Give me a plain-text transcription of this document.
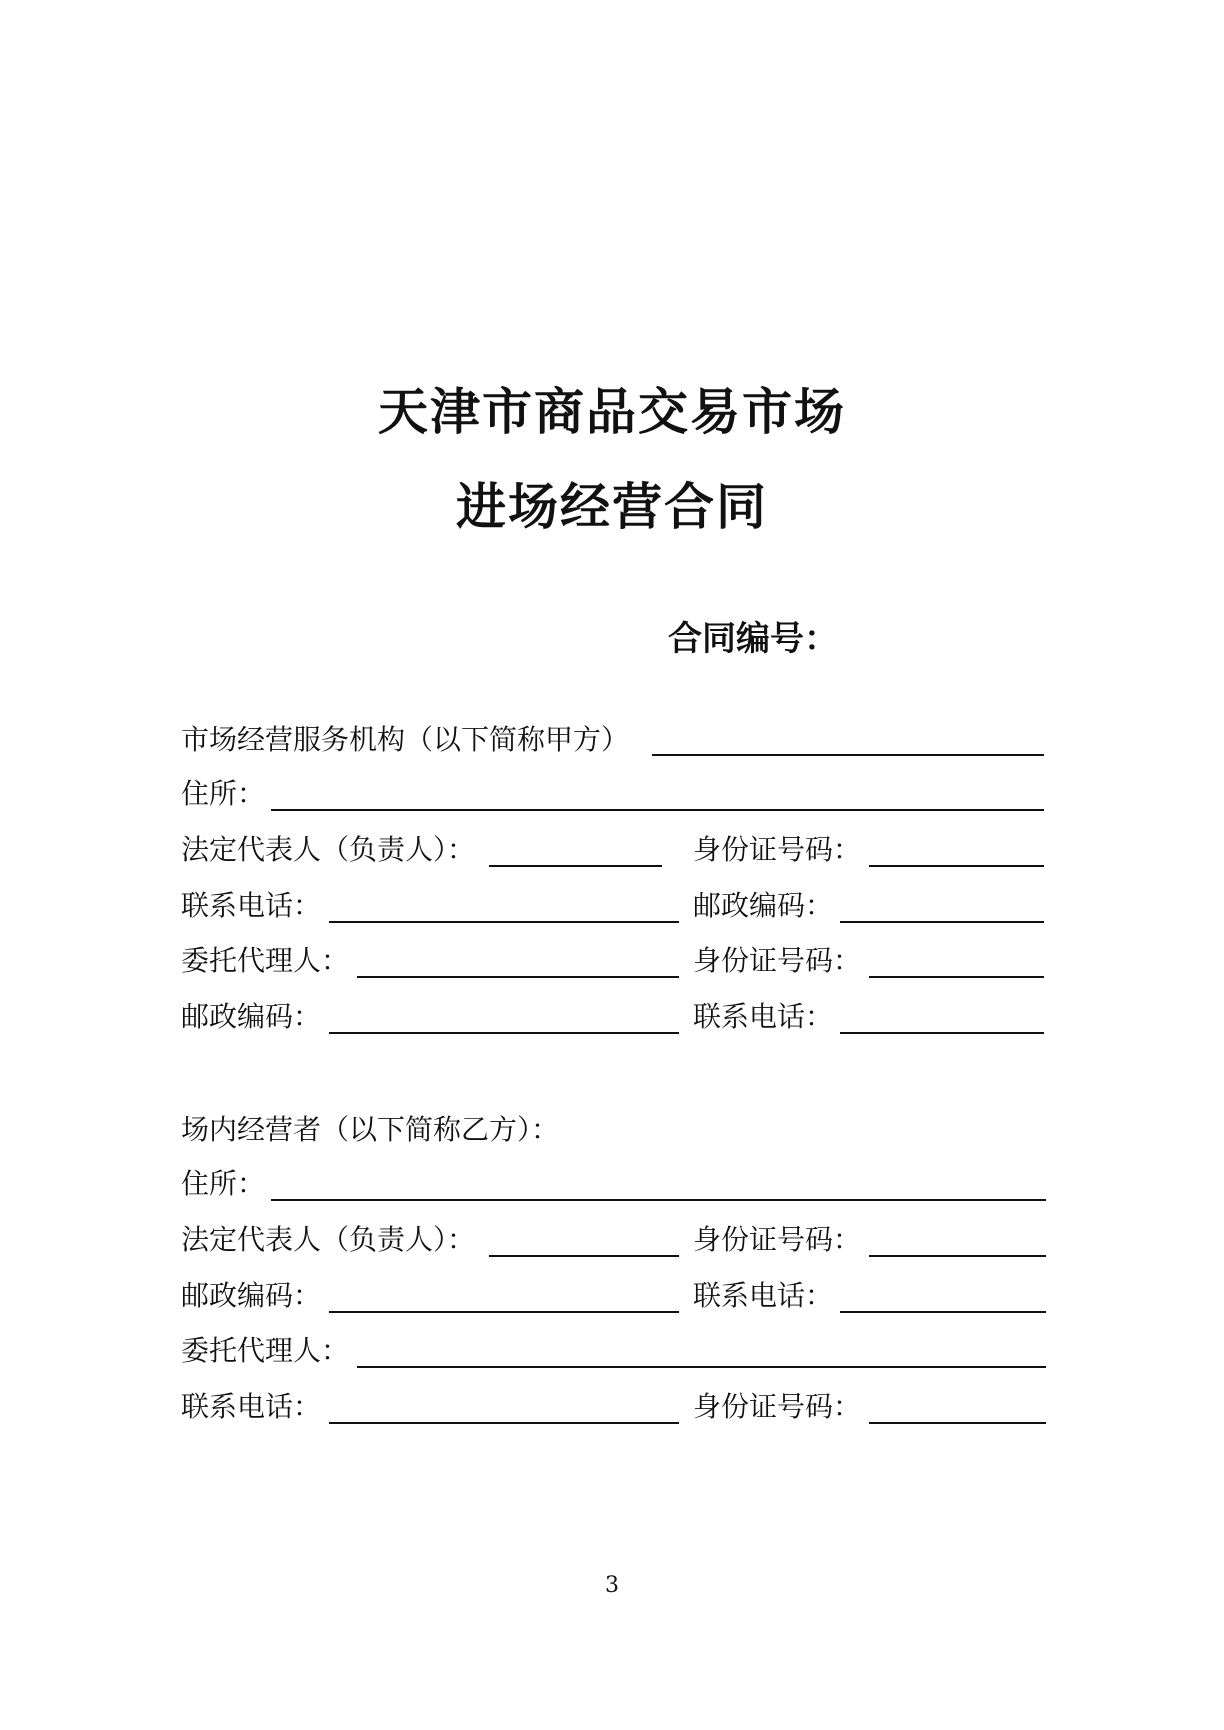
天津市商品交易市场
进场经营合同
合同编号：
市场经营服务机构（以下简称甲方）
住所：
法定代表人（负责人）：	身份证号码：
联系电话：	邮政编码：
委托代理人：	身份证号码：
邮政编码：	联系电话：
场内经营者（以下简称乙方）：
住所：
法定代表人（负责人）：	身份证号码：
邮政编码：	联系电话：
委托代理人：
联系电话：	身份证号码：
3
